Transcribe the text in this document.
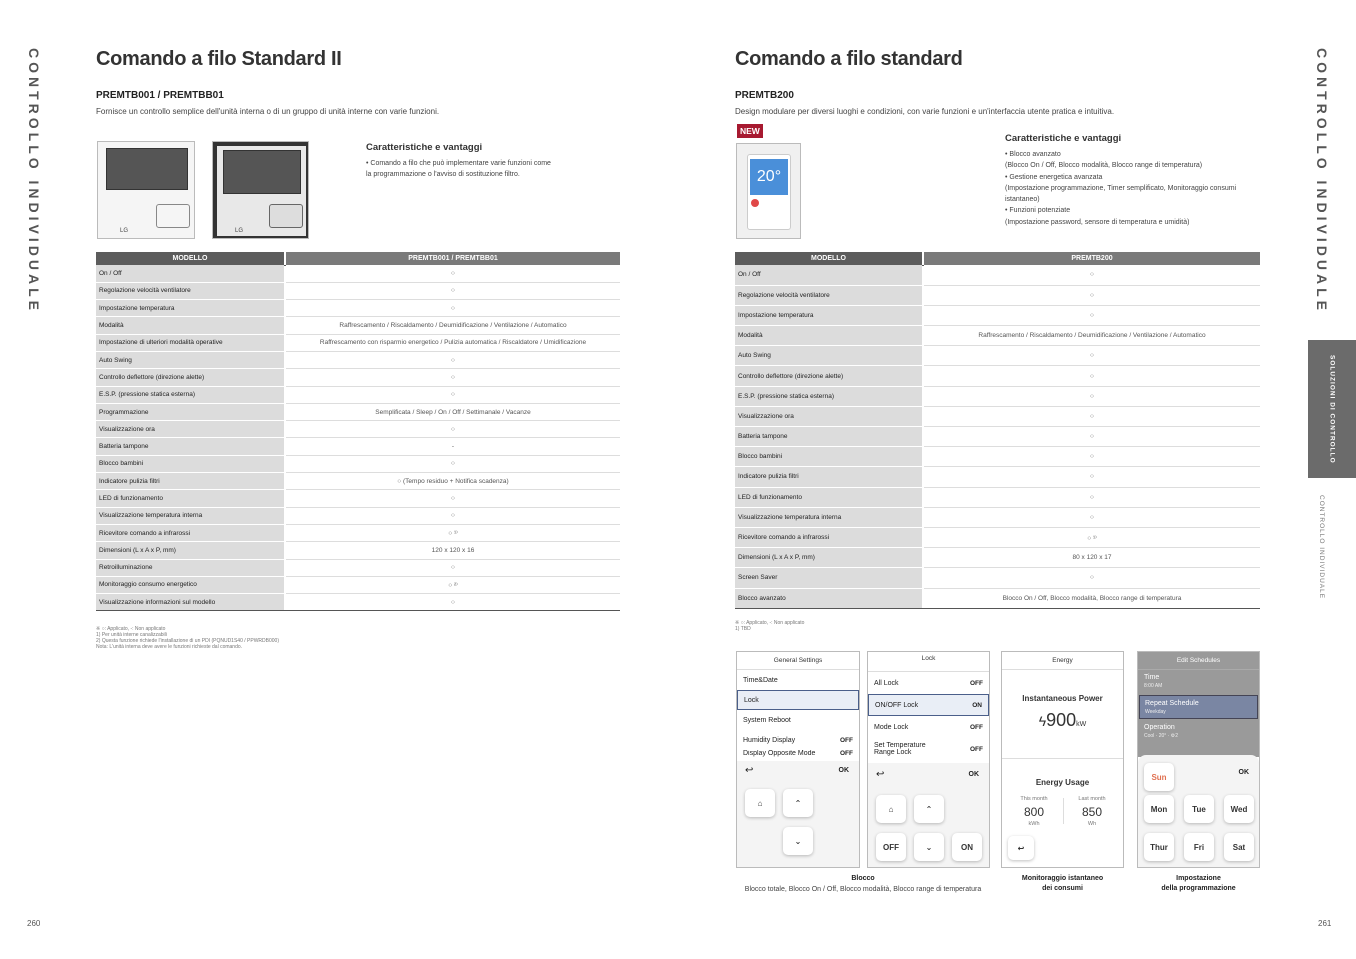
CONTROLLO INDIVIDUALE	CONTROLLO INDIVIDUALE
SOLUZIONI DI CONTROLLO
CONTROLLO INDIVIDUALE
Comando a filo Standard II
PREMTB001 / PREMTBB01
Fornisce un controllo semplice dell'unità interna o di un gruppo di unità interne con varie funzioni.
LG	LG
Caratteristiche e vantaggi
• Comando a filo che può implementare varie funzioni come
la programmazione o l'avviso di sostituzione filtro.
MODELLO		PREMTB001 / PREMTBB01
On / Off		○
Regolazione velocità ventilatore		○
Impostazione temperatura		○
Modalità		Raffrescamento / Riscaldamento / Deumidificazione / Ventilazione / Automatico
Impostazione di ulteriori modalità operative		Raffrescamento con risparmio energetico / Pulizia automatica / Riscaldatore / Umidificazione
Auto Swing		○
Controllo deflettore (direzione alette)		○
E.S.P. (pressione statica esterna)		○
Programmazione		Semplificata / Sleep / On / Off / Settimanale / Vacanze
Visualizzazione ora		○
Batteria tampone		-
Blocco bambini		○
Indicatore pulizia filtri		○ (Tempo residuo + Notifica scadenza)
LED di funzionamento		○
Visualizzazione temperatura interna		○
Ricevitore comando a infrarossi		○ ¹⁾
Dimensioni (L x A x P, mm)		120 x 120 x 16
Retroilluminazione		○
Monitoraggio consumo energetico		○ ²⁾
Visualizzazione informazioni sul modello		○
※ ○: Applicato, -: Non applicato
1) Per unità interne canalizzabili
2) Questa funzione richiede l'installazione di un PDI (PQNUD1S40 / PPWRDB000)
Nota: L'unità interna deve avere le funzioni richieste dal comando.
260
Comando a filo standard
PREMTB200
Design modulare per diversi luoghi e condizioni, con varie funzioni e un'interfaccia utente pratica e intuitiva.
NEW
20°
Caratteristiche e vantaggi
• Blocco avanzato
(Blocco On / Off, Blocco modalità, Blocco range di temperatura)
• Gestione energetica avanzata
(Impostazione programmazione, Timer semplificato, Monitoraggio consumi
istantaneo)
• Funzioni potenziate
(Impostazione password, sensore di temperatura e umidità)
MODELLO		PREMTB200
On / Off		○
Regolazione velocità ventilatore		○
Impostazione temperatura		○
Modalità		Raffrescamento / Riscaldamento / Deumidificazione / Ventilazione / Automatico
Auto Swing		○
Controllo deflettore (direzione alette)		○
E.S.P. (pressione statica esterna)		○
Visualizzazione ora		○
Batteria tampone		○
Blocco bambini		○
Indicatore pulizia filtri		○
LED di funzionamento		○
Visualizzazione temperatura interna		○
Ricevitore comando a infrarossi		○ ¹⁾
Dimensioni (L x A x P, mm)		80 x 120 x 17
Screen Saver		○
Blocco avanzato		Blocco On / Off, Blocco modalità, Blocco range di temperatura
※ ○: Applicato, -: Non applicato
1) TBD
261
General Settings
Time&Date
Lock
System Reboot
Humidity Display	OFF
Display Opposite Mode	OFF
↩	OK
⌂	⌃
⌄
Lock
All Lock	OFF
ON/OFF Lock	ON
Mode Lock	OFF
Set Temperature Range Lock	OFF
↩	OK
⌂	⌃
OFF	⌄	ON
Energy
Instantaneous Power
ϟ900kW
Energy Usage
This month	Last month
800	850
kWh	Wh
↩
Edit Schedules
Time
8:00 AM
Repeat Schedule
Weekday
Operation
Cool · 20° · ⚙2
Sun	OK
Mon	Tue	Wed
Thur	Fri	Sat
Blocco
Blocco totale, Blocco On / Off, Blocco modalità, Blocco range di temperatura
Monitoraggio istantaneo
dei consumi
Impostazione
della programmazione
